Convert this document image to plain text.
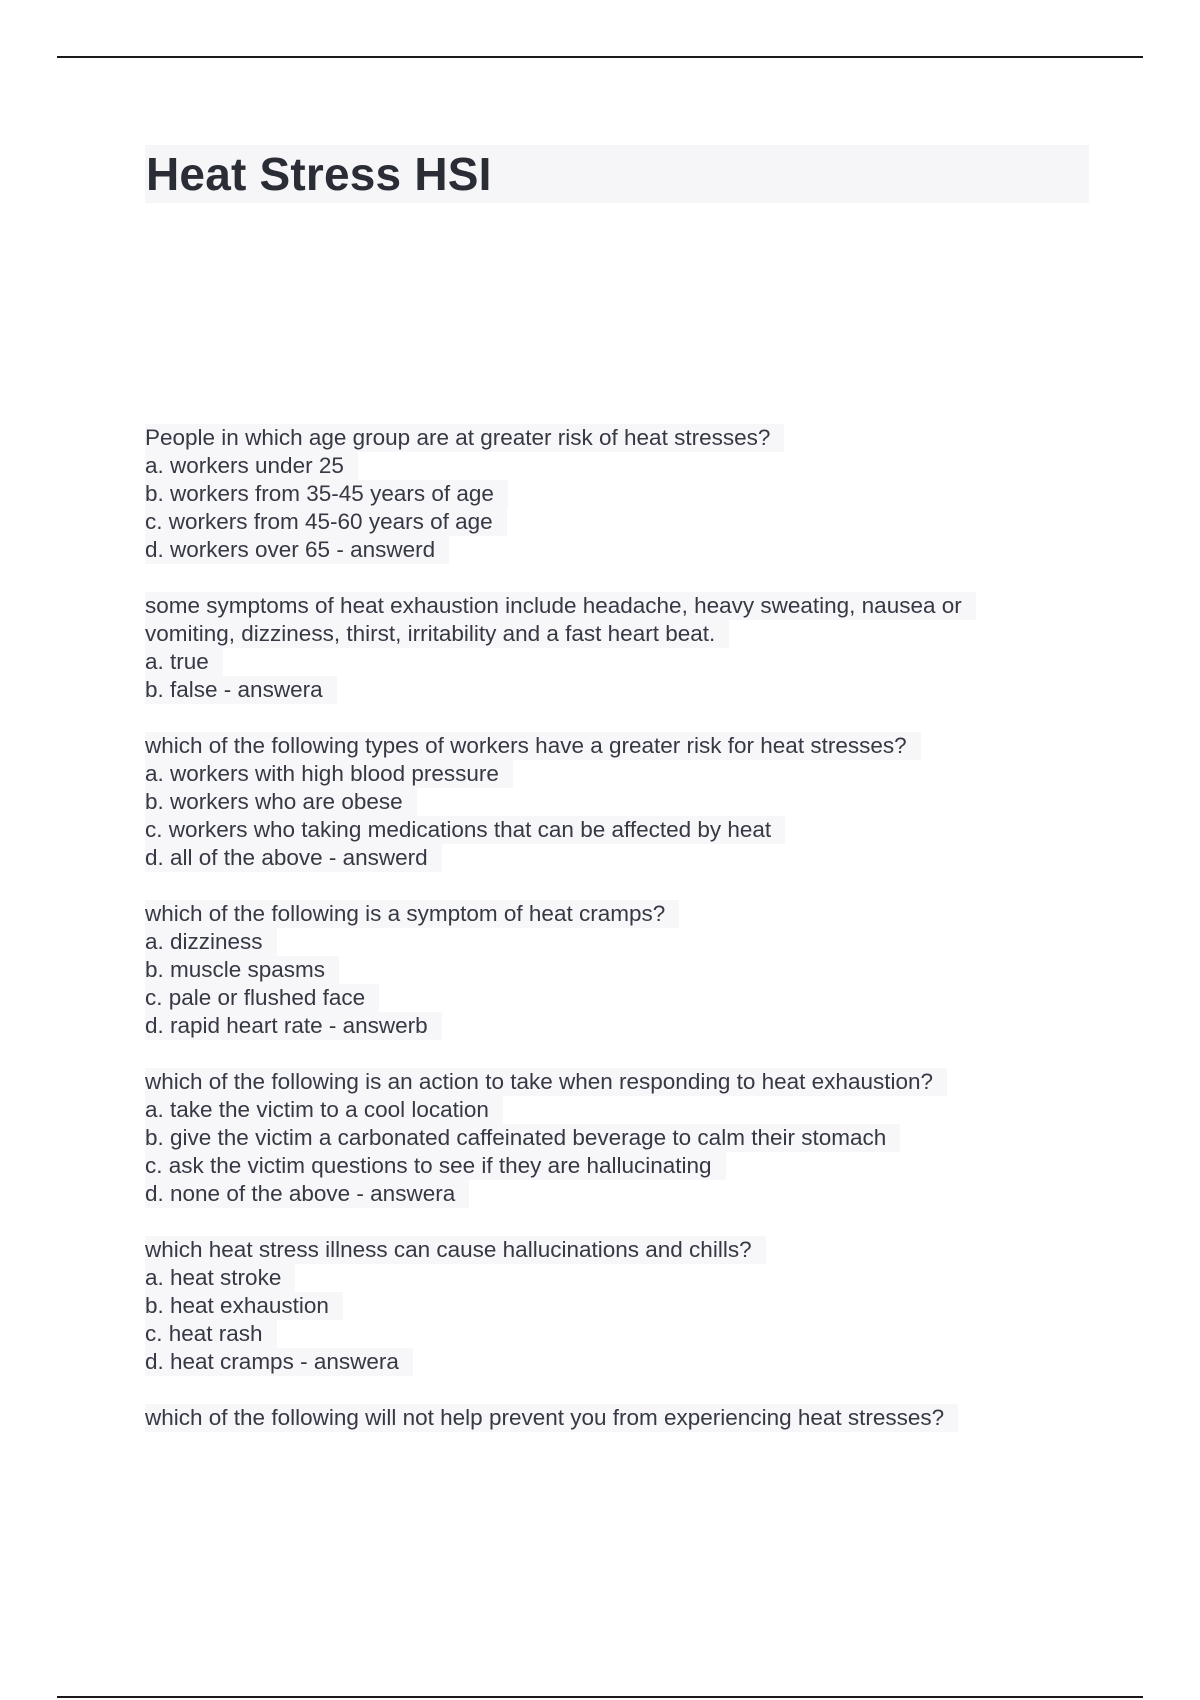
Heat Stress HSI
People in which age group are at greater risk of heat stresses?
a. workers under 25
b. workers from 35-45 years of age
c. workers from 45-60 years of age
d. workers over 65 - answerd
some symptoms of heat exhaustion include headache, heavy sweating, nausea or
vomiting, dizziness, thirst, irritability and a fast heart beat.
a. true
b. false - answera
which of the following types of workers have a greater risk for heat stresses?
a. workers with high blood pressure
b. workers who are obese
c. workers who taking medications that can be affected by heat
d. all of the above - answerd
which of the following is a symptom of heat cramps?
a. dizziness
b. muscle spasms
c. pale or flushed face
d. rapid heart rate - answerb
which of the following is an action to take when responding to heat exhaustion?
a. take the victim to a cool location
b. give the victim a carbonated caffeinated beverage to calm their stomach
c. ask the victim questions to see if they are hallucinating
d. none of the above - answera
which heat stress illness can cause hallucinations and chills?
a. heat stroke
b. heat exhaustion
c. heat rash
d. heat cramps - answera
which of the following will not help prevent you from experiencing heat stresses?
